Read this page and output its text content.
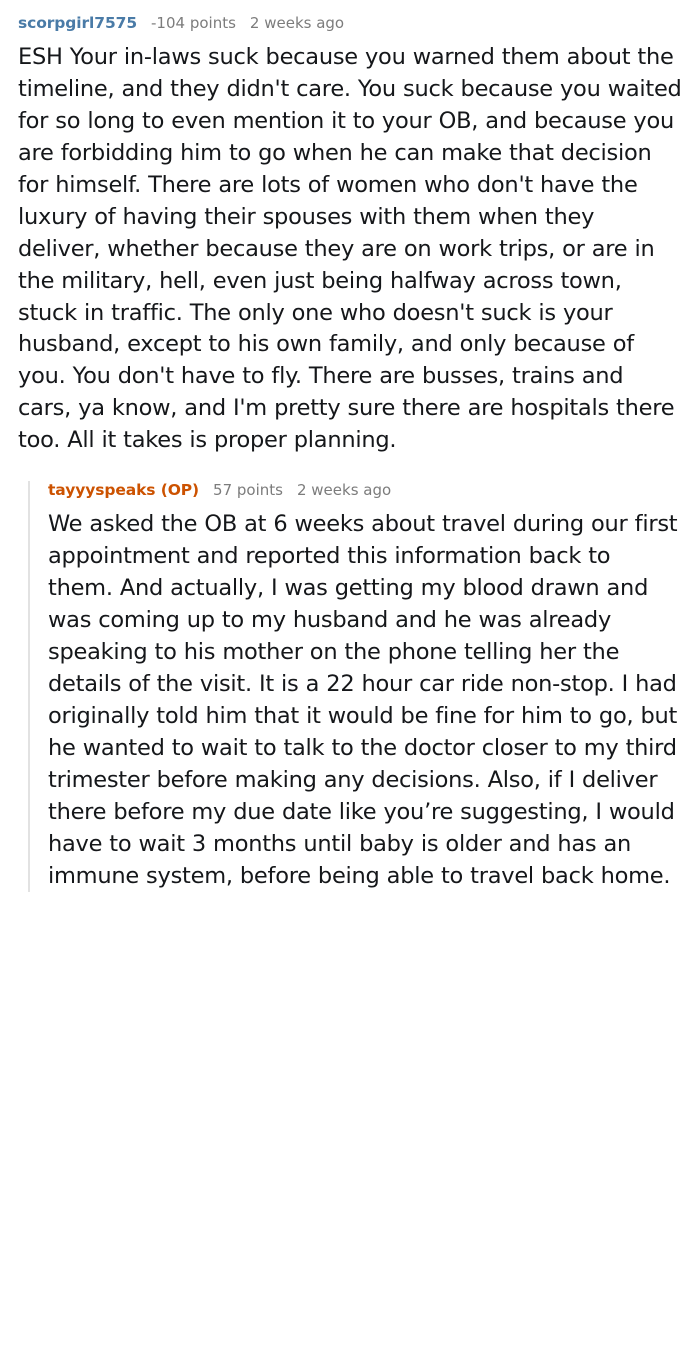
scorpgirl7575 -104 points 2 weeks ago
ESH Your in-laws suck because you warned them about the timeline, and they didn't care. You suck because you waited for so long to even mention it to your OB, and because you are forbidding him to go when he can make that decision for himself. There are lots of women who don't have the luxury of having their spouses with them when they deliver, whether because they are on work trips, or are in the military, hell, even just being halfway across town, stuck in traffic. The only one who doesn't suck is your husband, except to his own family, and only because of you. You don't have to fly. There are busses, trains and cars, ya know, and I'm pretty sure there are hospitals there too. All it takes is proper planning.
tayyyspeaks (OP) 57 points 2 weeks ago
We asked the OB at 6 weeks about travel during our first appointment and reported this information back to them. And actually, I was getting my blood drawn and was coming up to my husband and he was already speaking to his mother on the phone telling her the details of the visit. It is a 22 hour car ride non-stop. I had originally told him that it would be fine for him to go, but he wanted to wait to talk to the doctor closer to my third trimester before making any decisions. Also, if I deliver there before my due date like you’re suggesting, I would have to wait 3 months until baby is older and has an immune system, before being able to travel back home.
